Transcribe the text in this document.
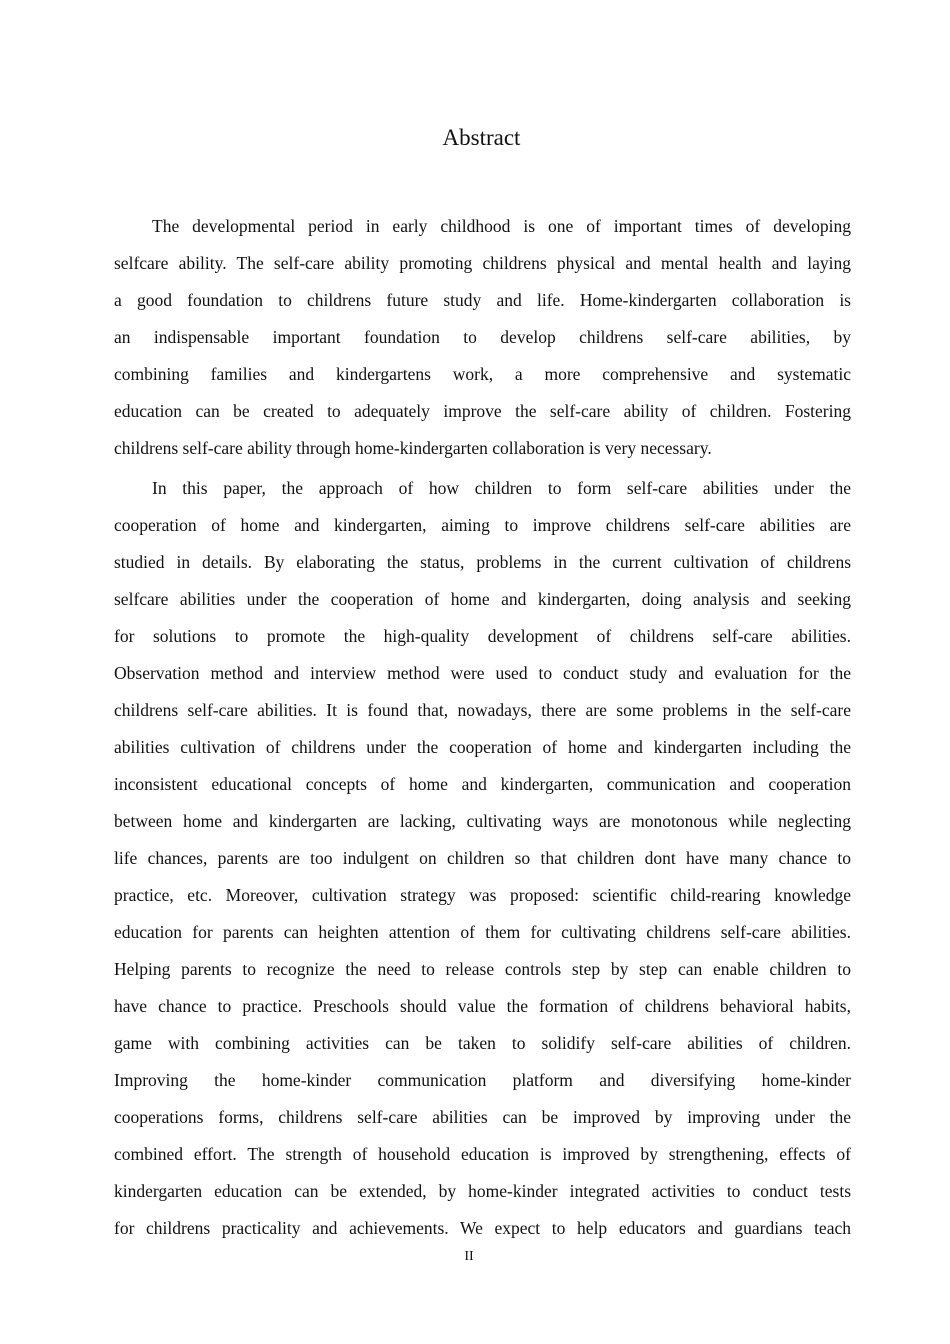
Abstract
The developmental period in early childhood is one of important times of developing
selfcare ability. The self-care ability promoting childrens physical and mental health and laying
a good foundation to childrens future study and life. Home-kindergarten collaboration is
an indispensable important foundation to develop childrens self-care abilities, by
combining families and kindergartens work, a more comprehensive and systematic
education can be created to adequately improve the self-care ability of children. Fostering
childrens self-care ability through home-kindergarten collaboration is very necessary.
In this paper, the approach of how children to form self-care abilities under the
cooperation of home and kindergarten, aiming to improve childrens self-care abilities are
studied in details. By elaborating the status, problems in the current cultivation of childrens
selfcare abilities under the cooperation of home and kindergarten, doing analysis and seeking
for solutions to promote the high-quality development of childrens self-care abilities.
Observation method and interview method were used to conduct study and evaluation for the
childrens self-care abilities. It is found that, nowadays, there are some problems in the self-care
abilities cultivation of childrens under the cooperation of home and kindergarten including the
inconsistent educational concepts of home and kindergarten, communication and cooperation
between home and kindergarten are lacking, cultivating ways are monotonous while neglecting
life chances, parents are too indulgent on children so that children dont have many chance to
practice, etc. Moreover, cultivation strategy was proposed: scientific child-rearing knowledge
education for parents can heighten attention of them for cultivating childrens self-care abilities.
Helping parents to recognize the need to release controls step by step can enable children to
have chance to practice. Preschools should value the formation of childrens behavioral habits,
game with combining activities can be taken to solidify self-care abilities of children.
Improving the home-kinder communication platform and diversifying home-kinder
cooperations forms, childrens self-care abilities can be improved by improving under the
combined effort. The strength of household education is improved by strengthening, effects of
kindergarten education can be extended, by home-kinder integrated activities to conduct tests
for childrens practicality and achievements. We expect to help educators and guardians teach
II
